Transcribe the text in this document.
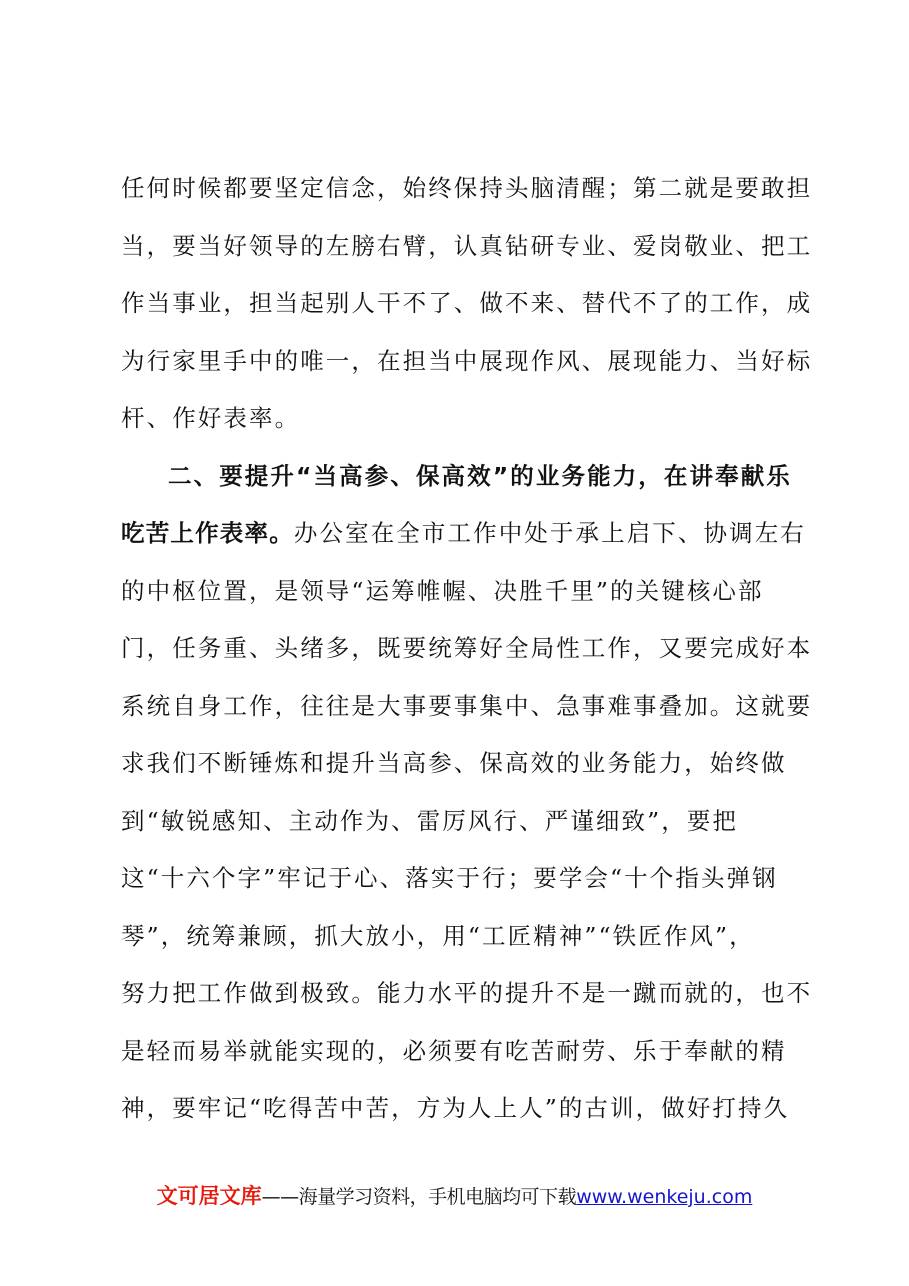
任何时候都要坚定信念，始终保持头脑清醒；第二就是要敢担
当，要当好领导的左膀右臂，认真钻研专业、爱岗敬业、把工
作当事业，担当起别人干不了、做不来、替代不了的工作，成
为行家里手中的唯一，在担当中展现作风、展现能力、当好标
杆、作好表率。
二、要提升“当高参、保高效”的业务能力，在讲奉献乐
吃苦上作表率。办公室在全市工作中处于承上启下、协调左右
的中枢位置，是领导“运筹帷幄、决胜千里”的关键核心部
门，任务重、头绪多，既要统筹好全局性工作，又要完成好本
系统自身工作，往往是大事要事集中、急事难事叠加。这就要
求我们不断锤炼和提升当高参、保高效的业务能力，始终做
到“敏锐感知、主动作为、雷厉风行、严谨细致”，要把
这“十六个字”牢记于心、落实于行；要学会“十个指头弹钢
琴”，统筹兼顾，抓大放小，用“工匠精神”“铁匠作风”，
努力把工作做到极致。能力水平的提升不是一蹴而就的，也不
是轻而易举就能实现的，必须要有吃苦耐劳、乐于奉献的精
神，要牢记“吃得苦中苦，方为人上人”的古训，做好打持久
文可居文库——海量学习资料，手机电脑均可下载www.wenkeju.com
